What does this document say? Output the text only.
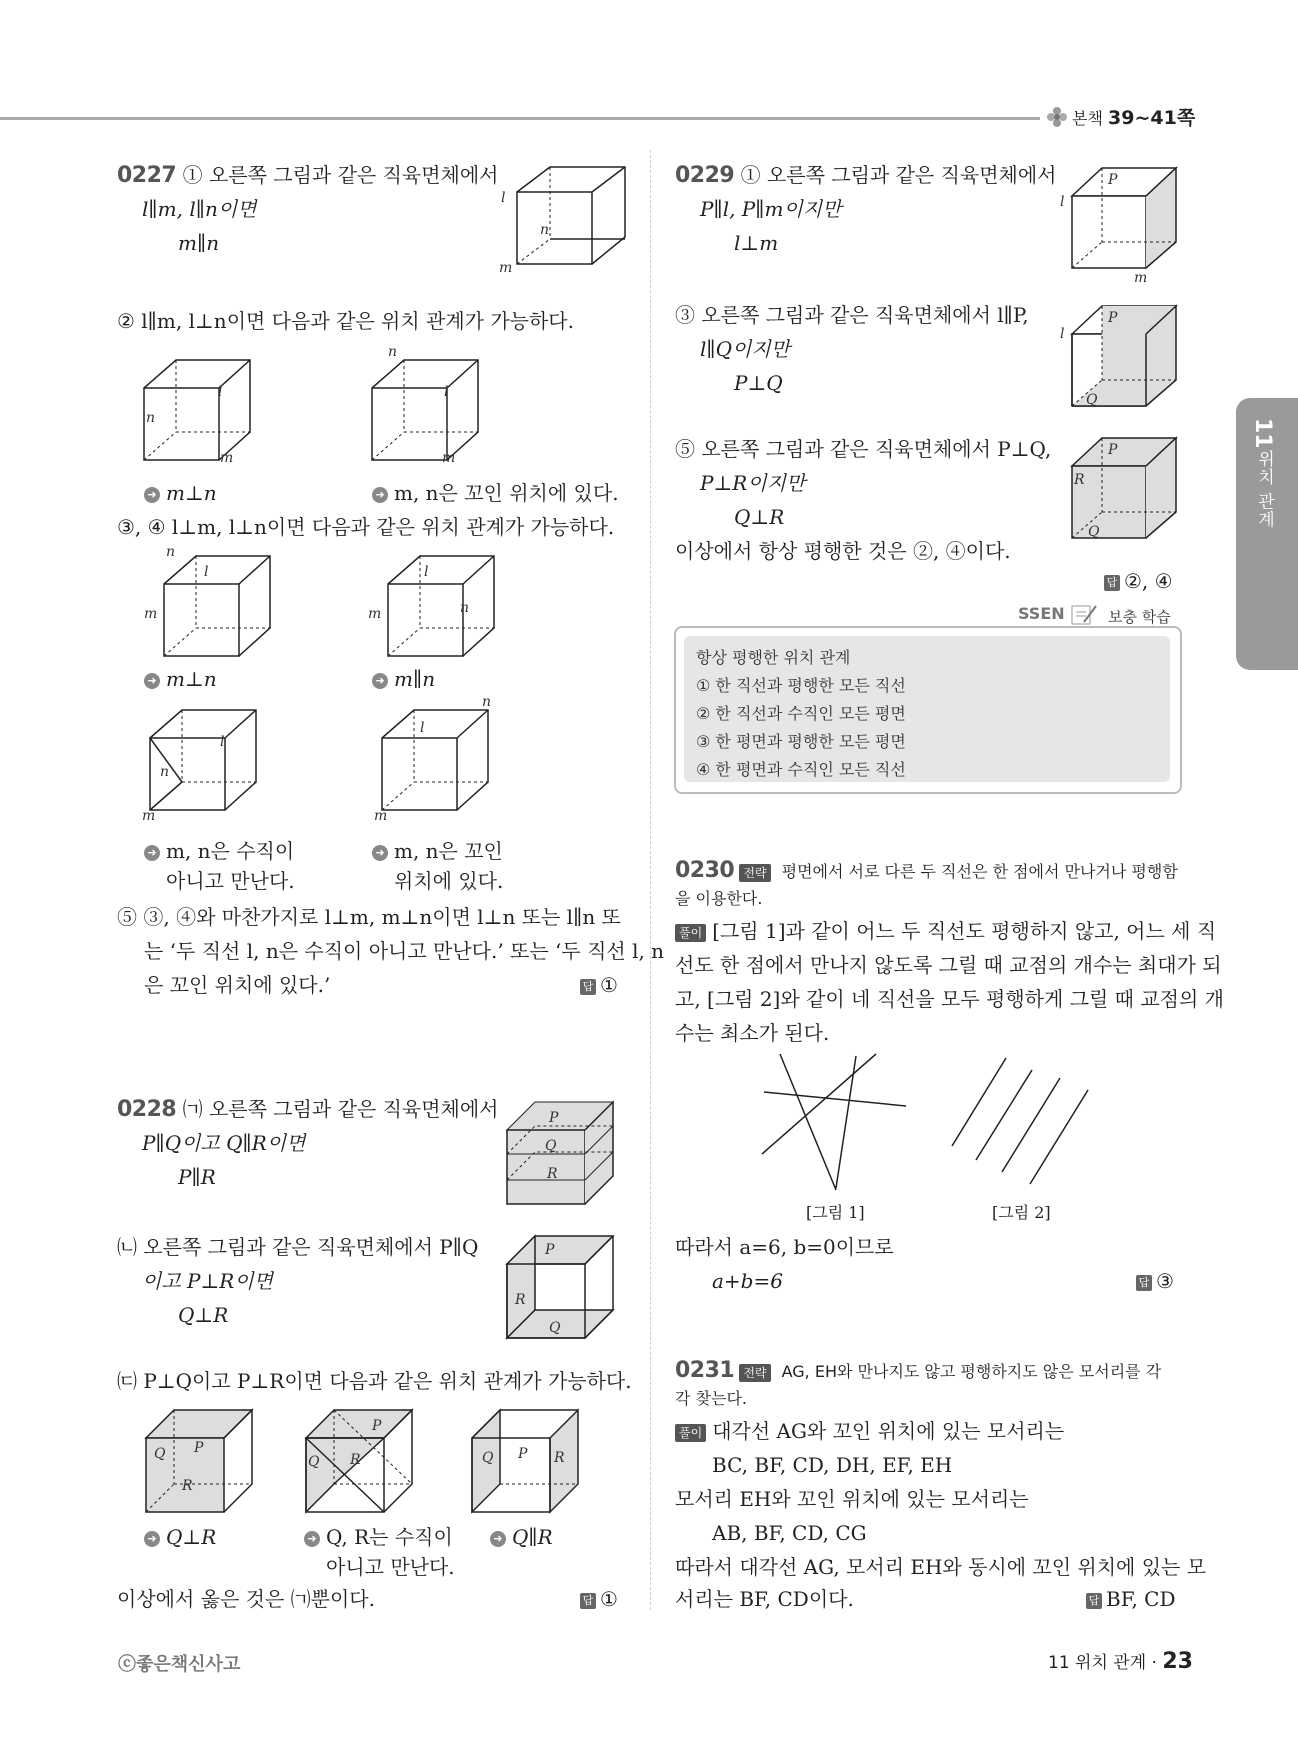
본책 39~41쪽
11
위치 관계
0227 ① 오른쪽 그림과 같은 직육면체에서
l∥m, l∥n이면
m∥n
l
n
m
② l∥m, l⊥n이면 다음과 같은 위치 관계가 가능하다.
l
n
m
n
l
m
➜ m⊥n	➜ m, n은 꼬인 위치에 있다.
③, ④ l⊥m, l⊥n이면 다음과 같은 위치 관계가 가능하다.
n
l
m
l
n
m
➜ m⊥n	➜ m∥n
l
n
m
l
n
m
➜ m, n은 수직이
아니고 만난다.
➜ m, n은 꼬인
위치에 있다.
⑤ ③, ④와 마찬가지로 l⊥m, m⊥n이면 l⊥n 또는 l∥n 또
는 ‘두 직선 l, n은 수직이 아니고 만난다.’ 또는 ‘두 직선 l, n
은 꼬인 위치에 있다.’	답 ①
0228 ㈀ 오른쪽 그림과 같은 직육면체에서
P∥Q이고 Q∥R이면
P∥R
P
Q
R
㈁ 오른쪽 그림과 같은 직육면체에서 P∥Q
이고 P⊥R이면
Q⊥R
P
R
Q
㈂ P⊥Q이고 P⊥R이면 다음과 같은 위치 관계가 가능하다.
Q P
R
P
Q R	Q P R
➜ Q⊥R	➜ Q, R는 수직이
아니고 만난다.
➜ Q∥R
이상에서 옳은 것은 ㈀뿐이다.	답 ①
0229 ① 오른쪽 그림과 같은 직육면체에서
P∥l, P∥m이지만
l⊥m
P
l
m
③ 오른쪽 그림과 같은 직육면체에서 l∥P,
l∥Q이지만
P⊥Q
P
l
Q
⑤ 오른쪽 그림과 같은 직육면체에서 P⊥Q,
P⊥R이지만
Q⊥R
P
R
Q
이상에서 항상 평행한 것은 ②, ④이다.
답 ②, ④
SSEN	보충 학습
항상 평행한 위치 관계
① 한 직선과 평행한 모든 직선
② 한 직선과 수직인 모든 평면
③ 한 평면과 평행한 모든 평면
④ 한 평면과 수직인 모든 직선
0230 전략 평면에서 서로 다른 두 직선은 한 점에서 만나거나 평행함
을 이용한다.
풀이 [그림 1]과 같이 어느 두 직선도 평행하지 않고, 어느 세 직
선도 한 점에서 만나지 않도록 그릴 때 교점의 개수는 최대가 되
고, [그림 2]와 같이 네 직선을 모두 평행하게 그릴 때 교점의 개
수는 최소가 된다.
[그림 1]	[그림 2]
따라서 a=6, b=0이므로
a+b=6	답 ③
0231 전략 AG, EH와 만나지도 않고 평행하지도 않은 모서리를 각
각 찾는다.
풀이 대각선 AG와 꼬인 위치에 있는 모서리는
BC, BF, CD, DH, EF, EH
모서리 EH와 꼬인 위치에 있는 모서리는
AB, BF, CD, CG
따라서 대각선 AG, 모서리 EH와 동시에 꼬인 위치에 있는 모
서리는 BF, CD이다.	답 BF, CD
ⓒ좋은책신사고	11 위치 관계 · 23
